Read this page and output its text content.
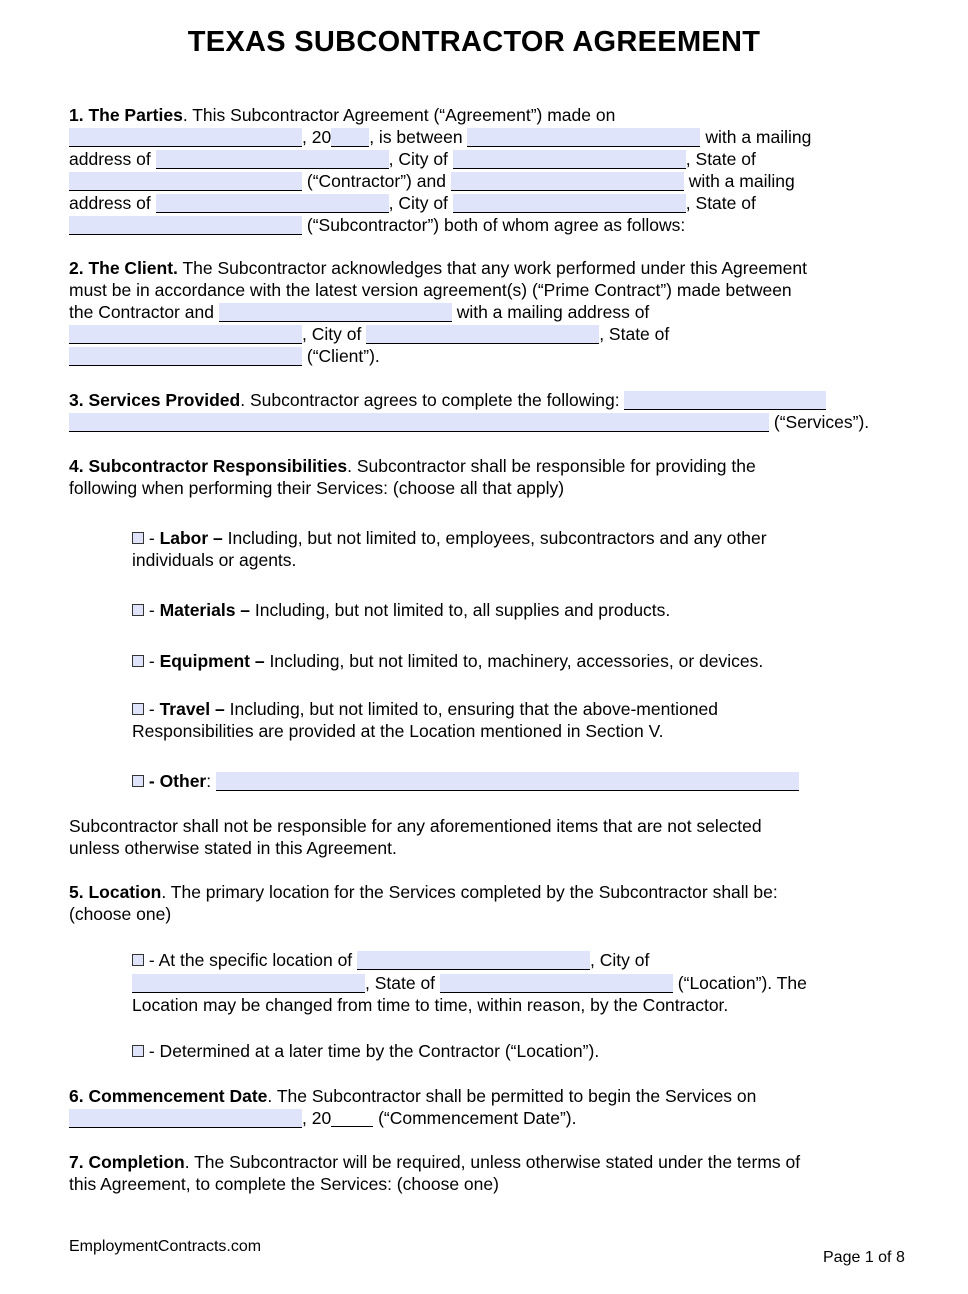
TEXAS SUBCONTRACTOR AGREEMENT
1. The Parties. This Subcontractor Agreement (“Agreement”) made on
, 20 , is between	with a mailing
address of	, City of	, State of
(“Contractor”) and	with a mailing
address of	, City of	, State of
(“Subcontractor”) both of whom agree as follows:
2. The Client. The Subcontractor acknowledges that any work performed under this Agreement
must be in accordance with the latest version agreement(s) (“Prime Contract”) made between
the Contractor and	with a mailing address of
, City of	, State of
(“Client”).
3. Services Provided. Subcontractor agrees to complete the following:
(“Services”).
4. Subcontractor Responsibilities. Subcontractor shall be responsible for providing the
following when performing their Services: (choose all that apply)
- Labor – Including, but not limited to, employees, subcontractors and any other
individuals or agents.
- Materials – Including, but not limited to, all supplies and products.
- Equipment – Including, but not limited to, machinery, accessories, or devices.
- Travel – Including, but not limited to, ensuring that the above-mentioned
Responsibilities are provided at the Location mentioned in Section V.
- Other:
Subcontractor shall not be responsible for any aforementioned items that are not selected
unless otherwise stated in this Agreement.
5. Location. The primary location for the Services completed by the Subcontractor shall be:
(choose one)
- At the specific location of	, City of
, State of	(“Location”). The
Location may be changed from time to time, within reason, by the Contractor.
- Determined at a later time by the Contractor (“Location”).
6. Commencement Date. The Subcontractor shall be permitted to begin the Services on
, 20	(“Commencement Date”).
7. Completion. The Subcontractor will be required, unless otherwise stated under the terms of
this Agreement, to complete the Services: (choose one)
EmploymentContracts.com
Page 1 of 8
